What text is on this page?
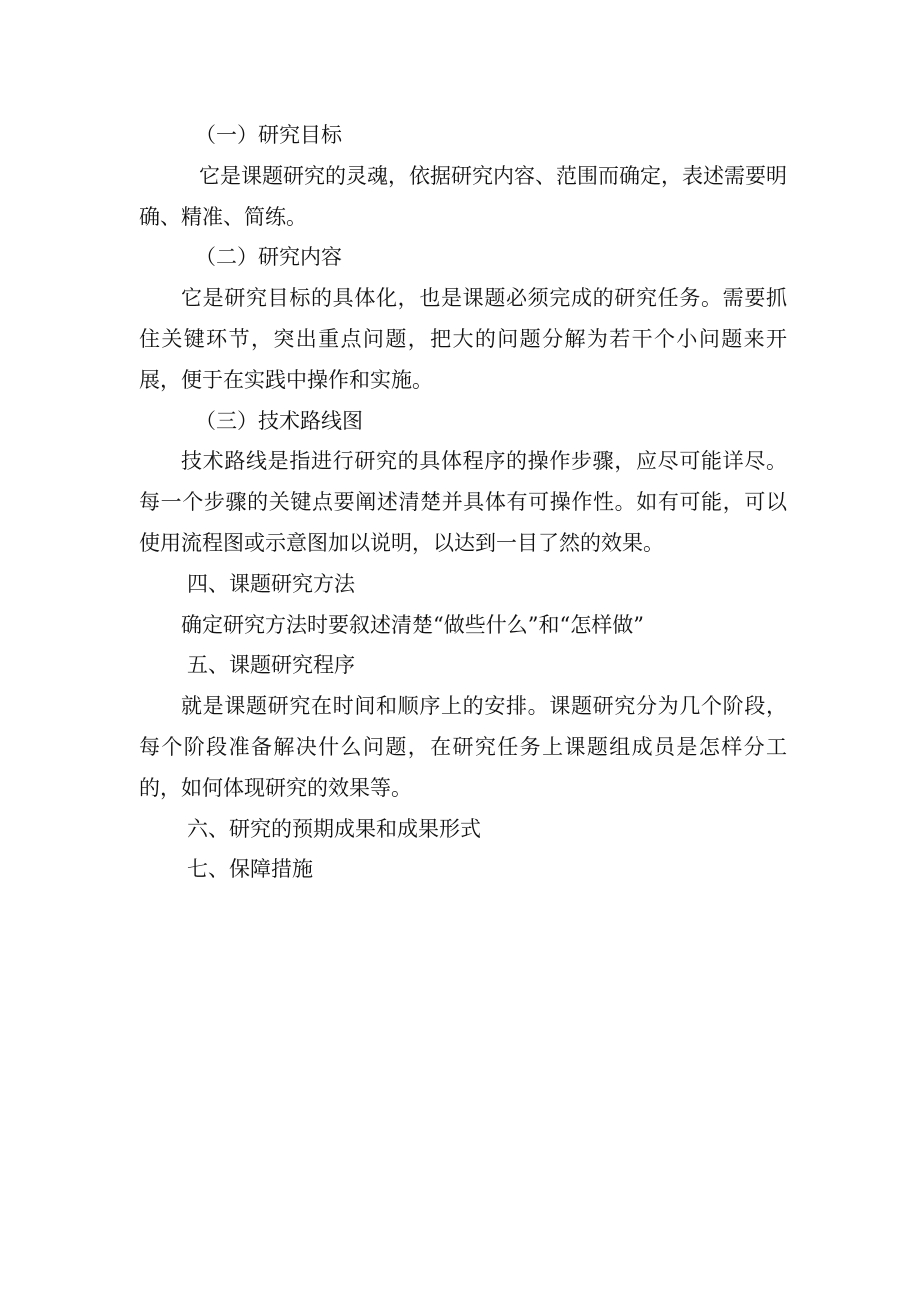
（一）研究目标

它是课题研究的灵魂，依据研究内容、范围而确定，表述需要明确、精准、简练。

（二）研究内容

它是研究目标的具体化，也是课题必须完成的研究任务。需要抓住关键环节，突出重点问题，把大的问题分解为若干个小问题来开展，便于在实践中操作和实施。

（三）技术路线图

技术路线是指进行研究的具体程序的操作步骤，应尽可能详尽。每一个步骤的关键点要阐述清楚并具体有可操作性。如有可能，可以使用流程图或示意图加以说明，以达到一目了然的效果。

四、课题研究方法

确定研究方法时要叙述清楚“做些什么”和“怎样做”

五、课题研究程序

就是课题研究在时间和顺序上的安排。课题研究分为几个阶段，每个阶段准备解决什么问题，在研究任务上课题组成员是怎样分工的，如何体现研究的效果等。

六、研究的预期成果和成果形式
七、保障措施
